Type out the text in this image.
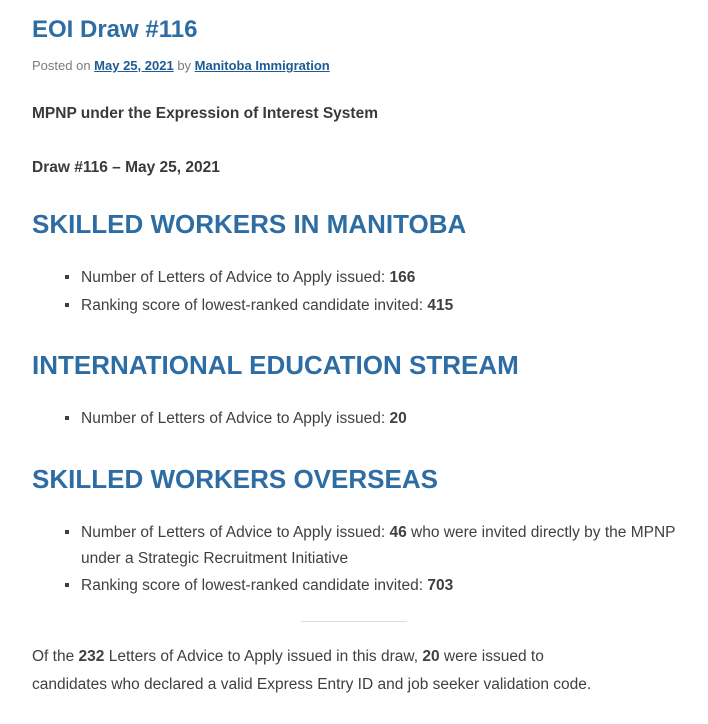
EOI Draw #116

Posted on May 25, 2021 by Manitoba Immigration

MPNP under the Expression of Interest System

Draw #116 – May 25, 2021

SKILLED WORKERS IN MANITOBA
Number of Letters of Advice to Apply issued: 166
Ranking score of lowest-ranked candidate invited: 415
INTERNATIONAL EDUCATION STREAM
Number of Letters of Advice to Apply issued: 20
SKILLED WORKERS OVERSEAS
Number of Letters of Advice to Apply issued: 46 who were invited directly by the MPNP under a Strategic Recruitment Initiative
Ranking score of lowest-ranked candidate invited: 703

Of the 232 Letters of Advice to Apply issued in this draw, 20 were issued to
candidates who declared a valid Express Entry ID and job seeker validation code.
